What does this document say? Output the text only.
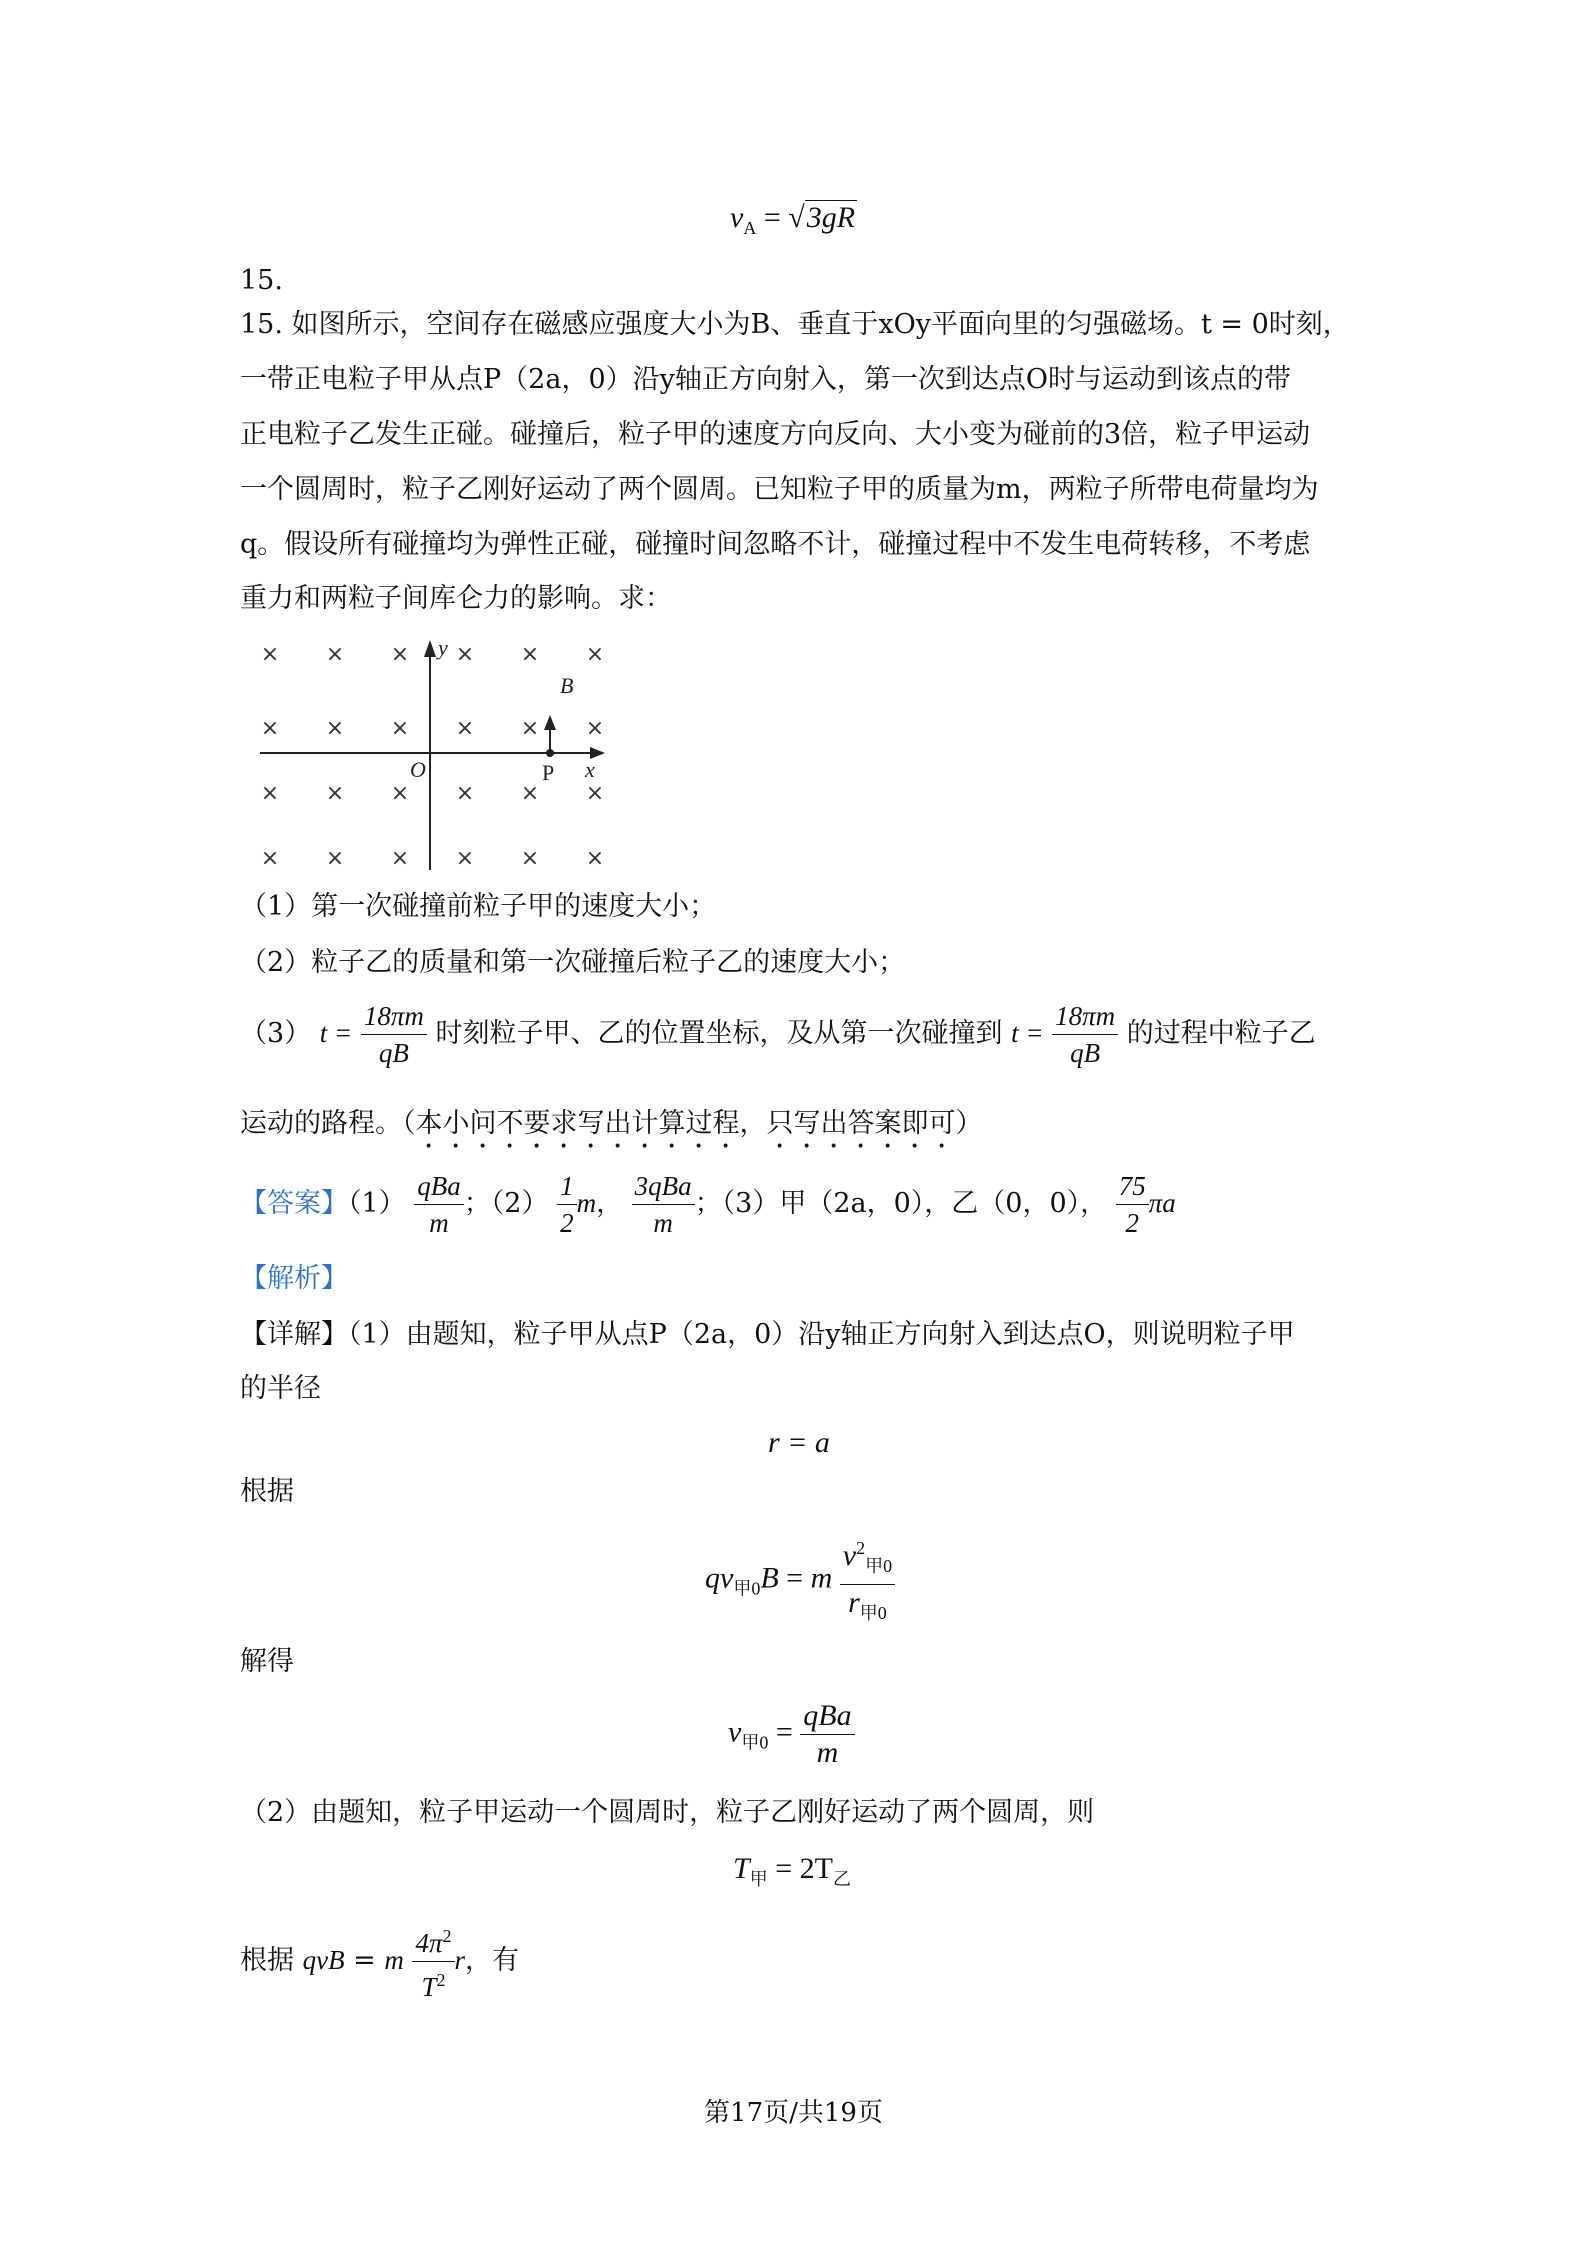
$v_A = √3gR$
15.
15. 如图所示，空间存在磁感应强度大小为B、垂直于xOy平面向里的匀强磁场。t = 0时刻，
一带正电粒子甲从点P（2a，0）沿y轴正方向射入，第一次到达点O时与运动到该点的带
正电粒子乙发生正碰。碰撞后，粒子甲的速度方向反向、大小变为碰前的3倍，粒子甲运动
一个圆周时，粒子乙刚好运动了两个圆周。已知粒子甲的质量为m，两粒子所带电荷量均为
q。假设所有碰撞均为弹性正碰，碰撞时间忽略不计，碰撞过程中不发生电荷转移，不考虑
重力和两粒子间库仑力的影响。求：
× × × × × ×
× × × × × ×
× × × × × ×
× × × × × ×
y
x
O	P
B
（1）第一次碰撞前粒子甲的速度大小；
（2）粒子乙的质量和第一次碰撞后粒子乙的速度大小；
（3） $t = \frac{18\pi m}{qB}$ 时刻粒子甲、乙的位置坐标，及从第一次碰撞到 $t = \frac{18\pi m}{qB}$ 的过程中粒子乙
运动的路程。（本小问不要求写出计算过程，只写出答案即可）
【答案】$(1) \frac{\text{qBa}}{m}$ ；$(2) \frac{1}{2}$ m， $\frac{\text{3qBa}}{m}$ ；（3）甲（2a，0），乙（0，0）， $\frac{75}{2}$ πa
【解析】
【详解】（1）由题知，粒子甲从点P（2a，0）沿y轴正方向射入到达点O，则说明粒子甲
的半径
r = a
根据
$qv_{甲0}B = m \frac{v^2_{甲0}}{r_{甲0}}$
解得
$v_{甲0} = \frac{\text{qBa}}{m}$
（2）由题知，粒子甲运动一个圆周时，粒子乙刚好运动了两个圆周，则
$T_甲 = 2T_乙$
根据 qvB = m $\frac{4\pi^2}{T^2}$ r，有
第17页/共19页
